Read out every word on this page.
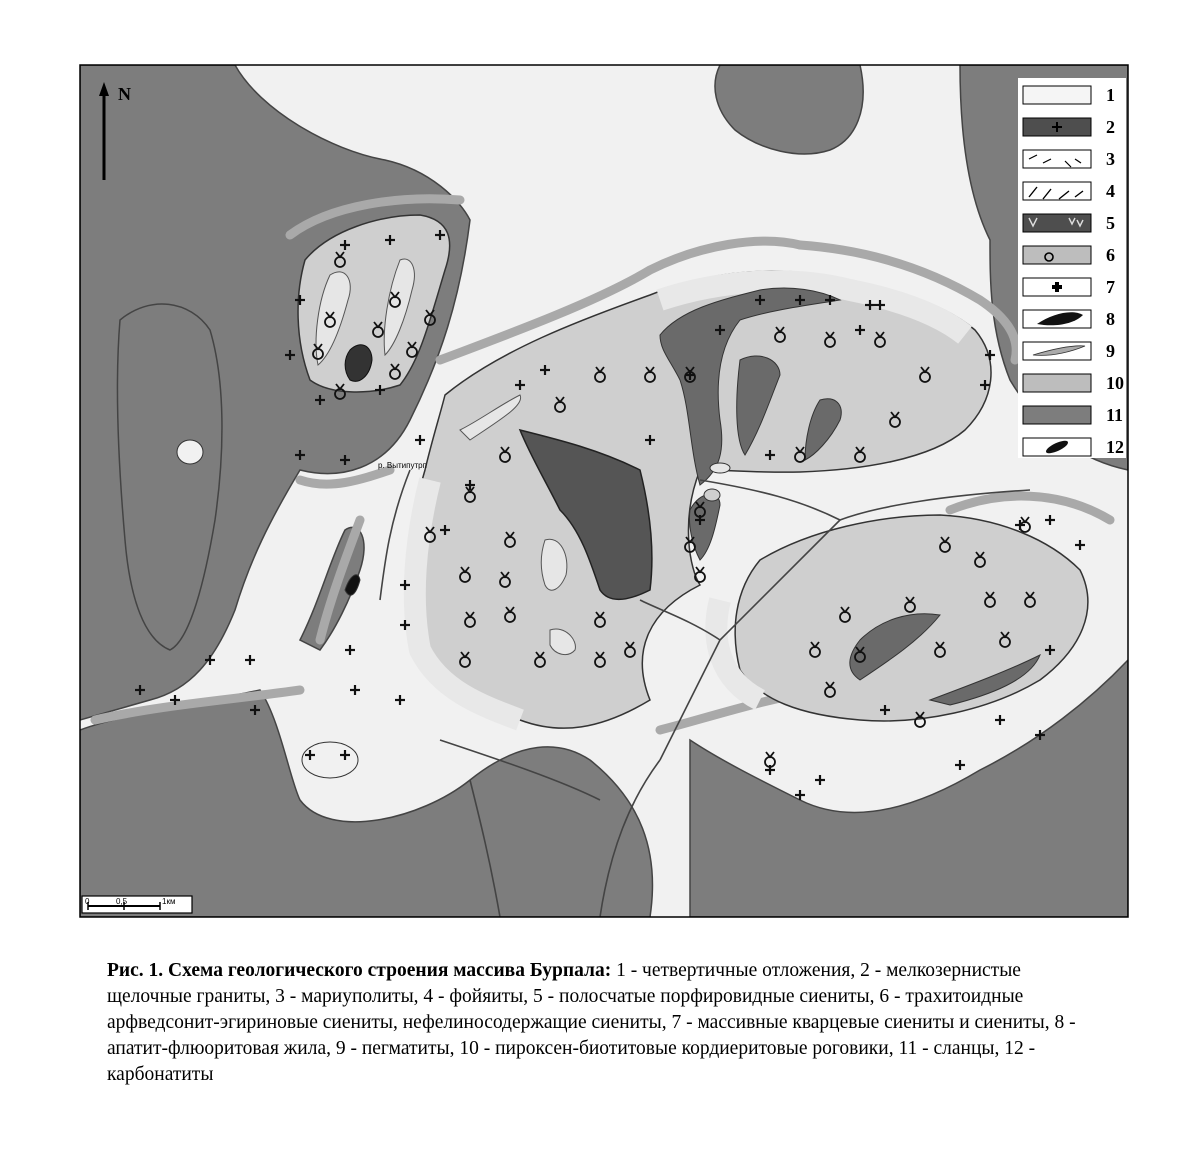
N
р. Вытипутрп
0	0,5	1км
1
2
3
4
5
6
7
8
9
10
11
12
Рис. 1. Схема геологического строения массива Бурпала: 1 - четвертичные отложения, 2 - мелкозернистые щелочные граниты, 3 - мариуполиты, 4 - фойяиты, 5 - полосчатые порфировидные сиениты, 6 - трахитоидные арфведсонит-эгириновые сиениты, нефелиносодержащие сиениты, 7 - массивные кварцевые сиениты и сиениты, 8 - апатит-флюоритовая жила, 9 - пегматиты, 10 - пироксен-биотитовые кордиеритовые роговики, 11 - сланцы, 12 - карбонатиты
